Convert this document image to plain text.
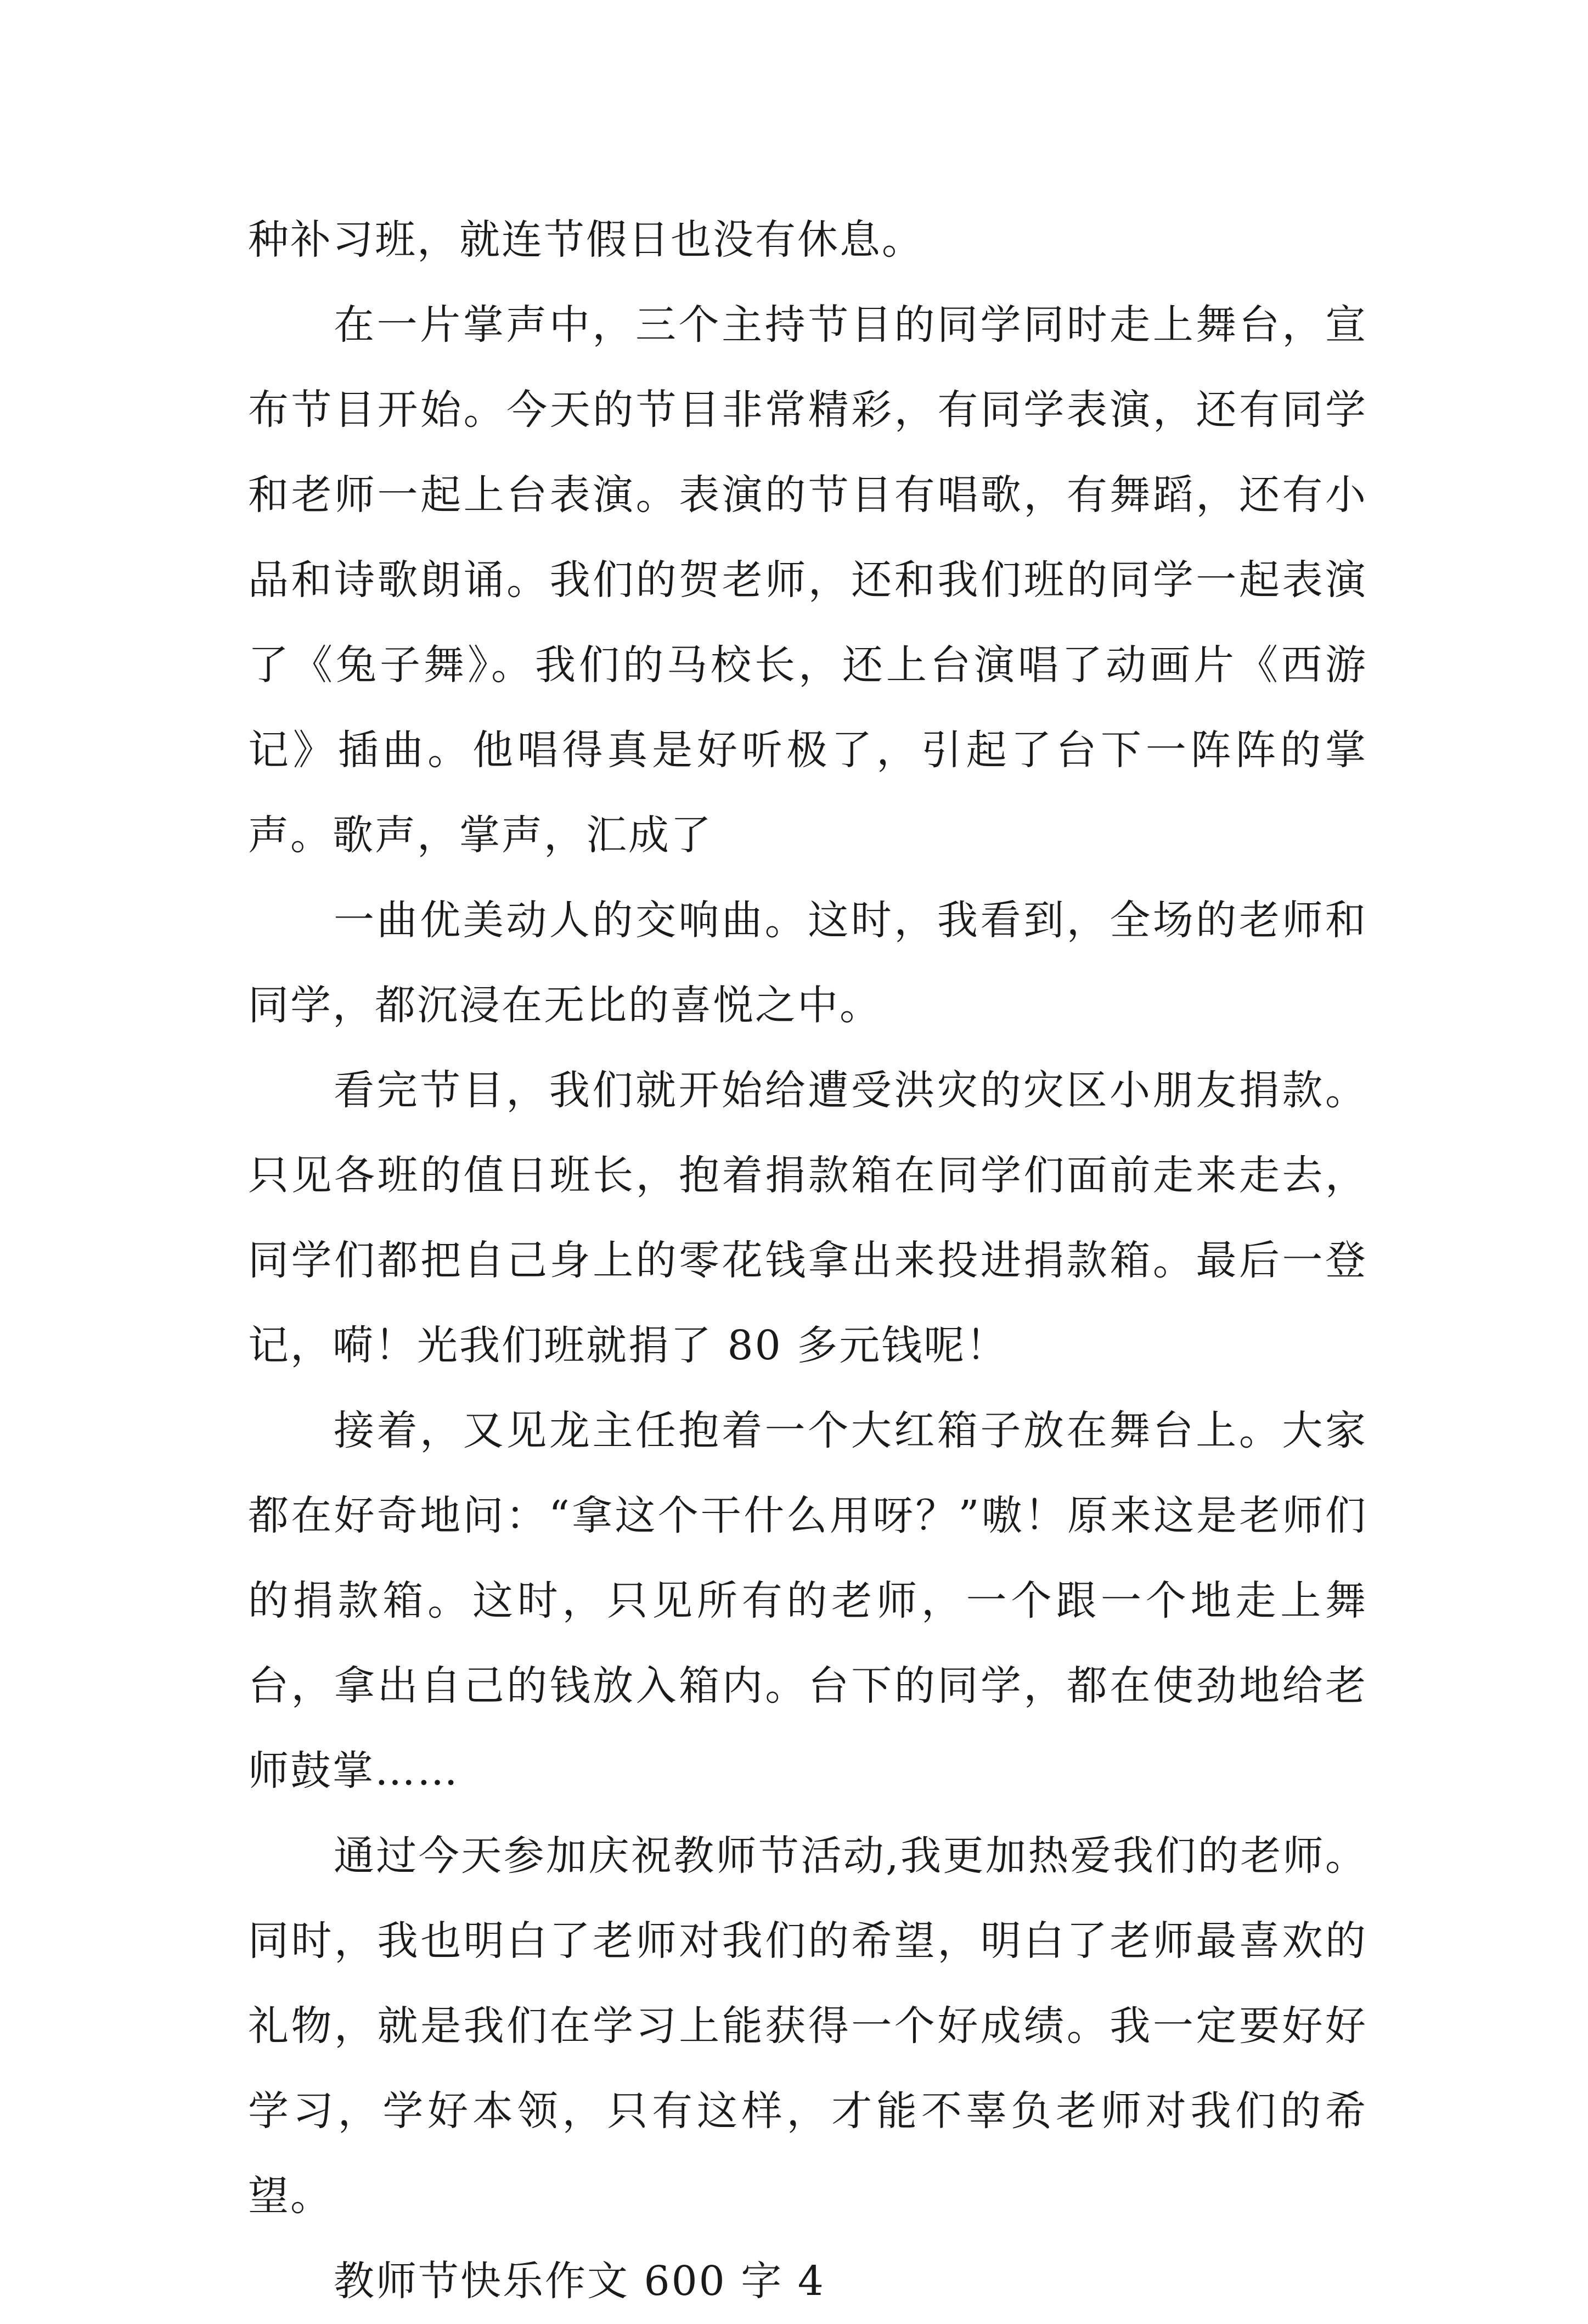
种补习班，就连节假日也没有休息。

在一片掌声中，三个主持节目的同学同时走上舞台，宣布节目开始。今天的节目非常精彩，有同学表演，还有同学和老师一起上台表演。表演的节目有唱歌，有舞蹈，还有小品和诗歌朗诵。我们的贺老师，还和我们班的同学一起表演了《兔子舞》。我们的马校长，还上台演唱了动画片《西游记》插曲。他唱得真是好听极了，引起了台下一阵阵的掌声。歌声，掌声，汇成了

一曲优美动人的交响曲。这时，我看到，全场的老师和同学，都沉浸在无比的喜悦之中。

看完节目，我们就开始给遭受洪灾的灾区小朋友捐款。只见各班的值日班长，抱着捐款箱在同学们面前走来走去，同学们都把自己身上的零花钱拿出来投进捐款箱。最后一登记，嗬！光我们班就捐了 80 多元钱呢！

接着，又见龙主任抱着一个大红箱子放在舞台上。大家都在好奇地问：“拿这个干什么用呀？”嗷！原来这是老师们的捐款箱。这时，只见所有的老师，一个跟一个地走上舞台，拿出自己的钱放入箱内。台下的同学，都在使劲地给老师鼓掌……

通过今天参加庆祝教师节活动,我更加热爱我们的老师。同时，我也明白了老师对我们的希望，明白了老师最喜欢的礼物，就是我们在学习上能获得一个好成绩。我一定要好好学习，学好本领，只有这样，才能不辜负老师对我们的希望。

教师节快乐作文 600 字 4
